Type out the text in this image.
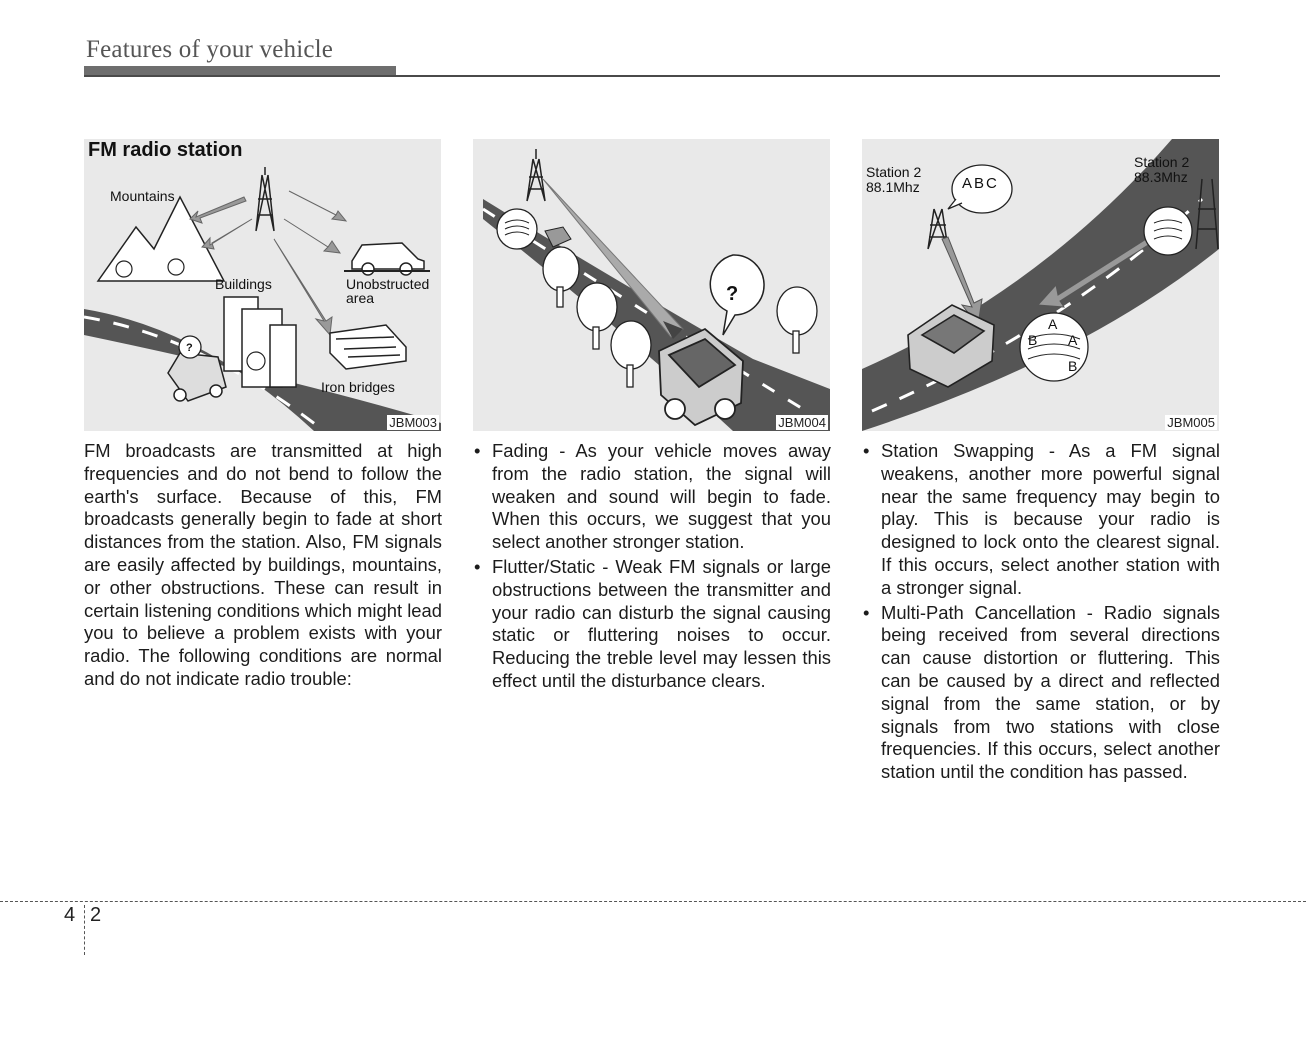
Features of your vehicle
FM radio station
Mountains
Buildings	Unobstructed area
Iron bridges
?
JBM003
?
JBM004
A
B A
B
Station 2
88.1Mhz
Station 2
88.3Mhz
ABC
JBM005

FM broadcasts are transmitted at high frequencies and do not bend to follow the earth's surface. Because of this, FM broadcasts generally begin to fade at short distances from the station. Also, FM signals are easily affected by buildings, mountains, or other obstructions. These can result in certain listening conditions which might lead you to believe a problem exists with your radio. The following conditions are normal and do not indicate radio trouble:

• Fading - As your vehicle moves away from the radio station, the signal will weaken and sound will begin to fade. When this occurs, we suggest that you select another stronger station.
• Flutter/Static - Weak FM signals or large obstructions between the transmitter and your radio can disturb the signal causing static or fluttering noises to occur. Reducing the treble level may lessen this effect until the disturbance clears.
• Station Swapping - As a FM signal weakens, another more powerful signal near the same frequency may begin to play. This is because your radio is designed to lock onto the clearest signal. If this occurs, select another station with a stronger signal.
• Multi-Path Cancellation - Radio signals being received from several directions can cause distortion or fluttering. This can be caused by a direct and reflected signal from the same station, or by signals from two stations with close frequencies. If this occurs, select another station until the condition has passed.
4 2
